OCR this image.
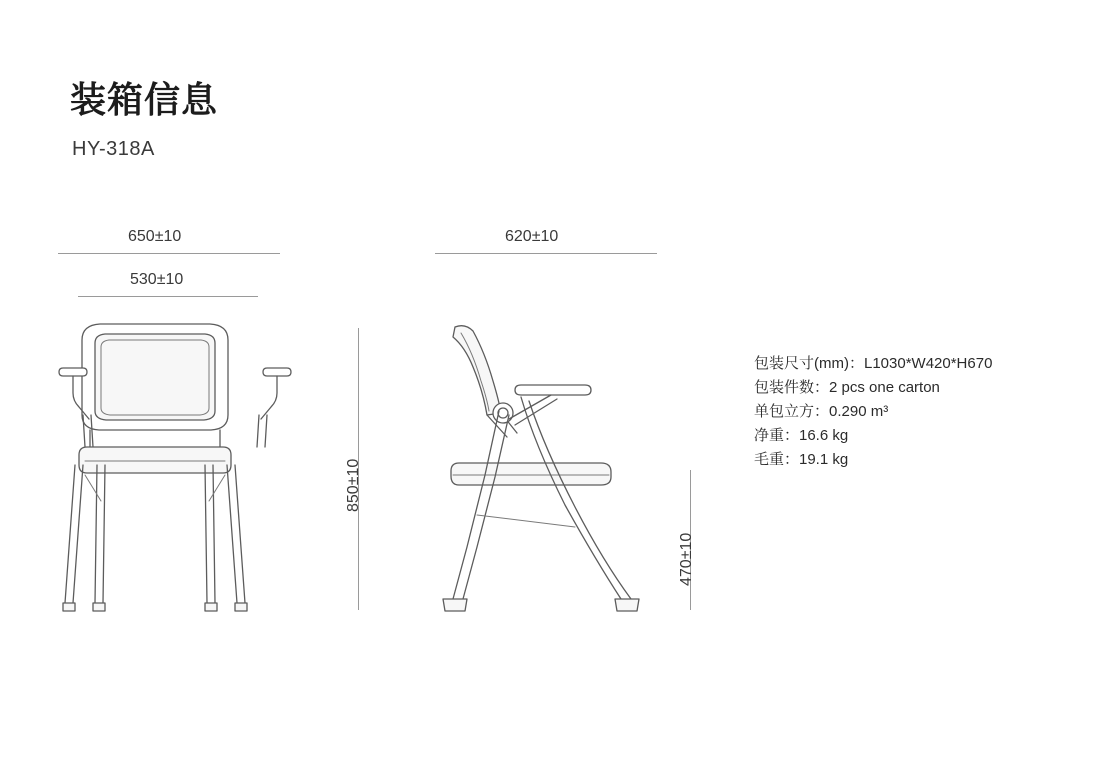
装箱信息
HY-318A
650±10
530±10
850±10
620±10
470±10
包装尺寸(mm)：L1030*W420*H670
包装件数：2 pcs one carton
单包立方：0.290 m³
净重：16.6 kg
毛重：19.1 kg
